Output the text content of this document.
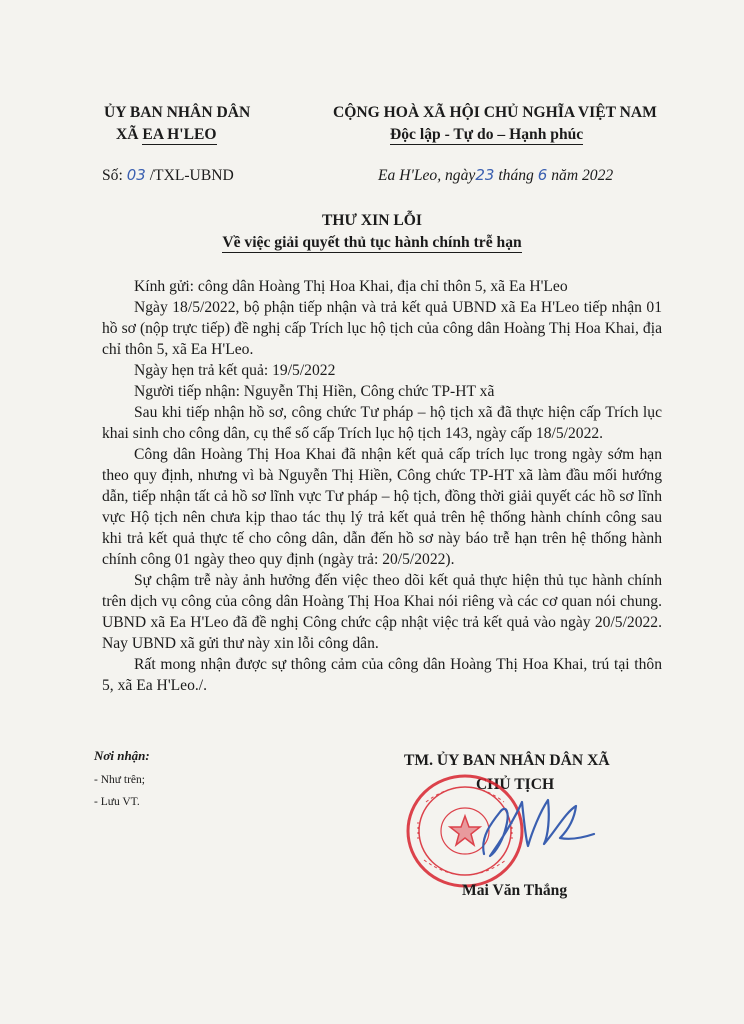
ỦY BAN NHÂN DÂN
XÃ EA H'LEO
CỘNG HOÀ XÃ HỘI CHỦ NGHĨA VIỆT NAM
Độc lập - Tự do – Hạnh phúc
Số: 03 /TXL-UBND	Ea H'Leo, ngày23 tháng 6 năm 2022
THƯ XIN LỖI
Về việc giải quyết thủ tục hành chính trễ hạn

Kính gửi: công dân Hoàng Thị Hoa Khai, địa chỉ thôn 5, xã Ea H'Leo

Ngày 18/5/2022, bộ phận tiếp nhận và trả kết quả UBND xã Ea H'Leo tiếp nhận 01 hồ sơ (nộp trực tiếp) đề nghị cấp Trích lục hộ tịch của công dân Hoàng Thị Hoa Khai, địa chỉ thôn 5, xã Ea H'Leo.

Ngày hẹn trả kết quả: 19/5/2022

Người tiếp nhận: Nguyễn Thị Hiền, Công chức TP-HT xã

Sau khi tiếp nhận hồ sơ, công chức Tư pháp – hộ tịch xã đã thực hiện cấp Trích lục khai sinh cho công dân, cụ thể số cấp Trích lục hộ tịch 143, ngày cấp 18/5/2022.

Công dân Hoàng Thị Hoa Khai đã nhận kết quả cấp trích lục trong ngày sớm hạn theo quy định, nhưng vì bà Nguyễn Thị Hiền, Công chức TP-HT xã làm đầu mối hướng dẫn, tiếp nhận tất cả hồ sơ lĩnh vực Tư pháp – hộ tịch, đồng thời giải quyết các hồ sơ lĩnh vực Hộ tịch nên chưa kịp thao tác thụ lý trả kết quả trên hệ thống hành chính công sau khi trả kết quả thực tế cho công dân, dẫn đến hồ sơ này báo trễ hạn trên hệ thống hành chính công 01 ngày theo quy định (ngày trả: 20/5/2022).

Sự chậm trễ này ảnh hưởng đến việc theo dõi kết quả thực hiện thủ tục hành chính trên dịch vụ công của công dân Hoàng Thị Hoa Khai nói riêng và các cơ quan nói chung. UBND xã Ea H'Leo đã đề nghị Công chức cập nhật việc trả kết quả vào ngày 20/5/2022. Nay UBND xã gửi thư này xin lỗi công dân.

Rất mong nhận được sự thông cảm của công dân Hoàng Thị Hoa Khai, trú tại thôn 5, xã Ea H'Leo./.

Nơi nhận:
- Như trên;
- Lưu VT.
TM. ỦY BAN NHÂN DÂN XÃ
CHỦ TỊCH
Mai Văn Thắng
